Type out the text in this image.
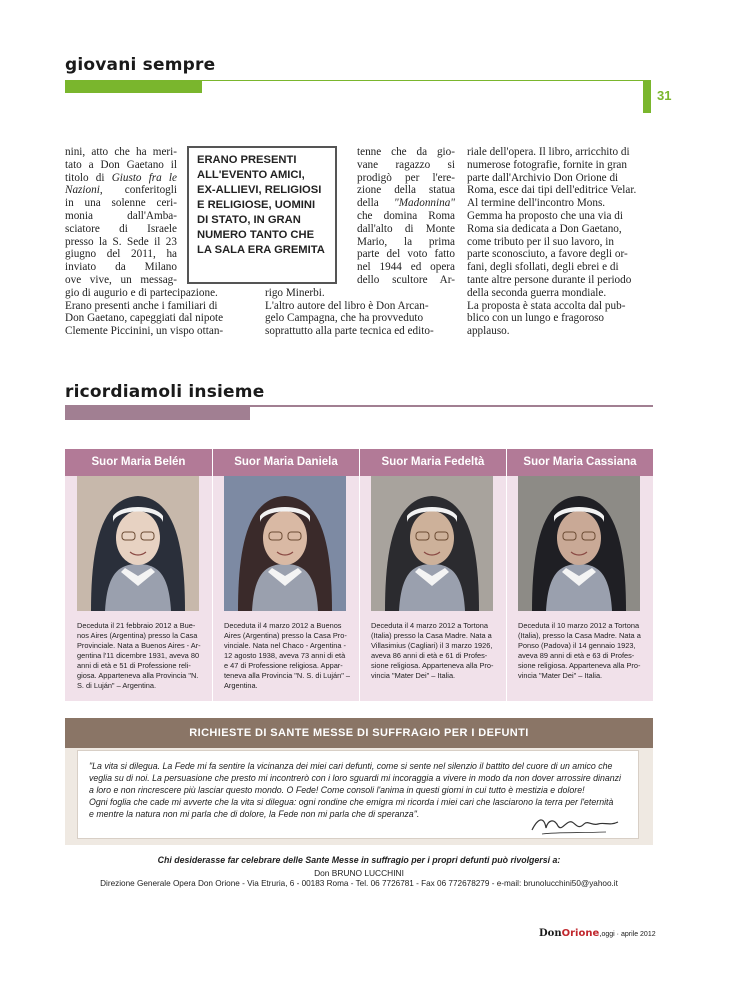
giovani sempre
31
nini, atto che ha meri-
tato a Don Gaetano il
titolo di Giusto fra le
Nazioni, conferitogli
in una solenne ceri-
monia dall'Amba-
sciatore di Israele
presso la S. Sede il 23
giugno del 2011, ha
inviato da Milano
ove vive, un messag-
gio di augurio e di partecipazione.
Erano presenti anche i familiari di
Don Gaetano, capeggiati dal nipote
Clemente Piccinini, un vispo ottan-
tenne che da gio-
vane ragazzo si
prodigò per l'ere-
zione della statua
della "Madonnina"
che domina Roma
dall'alto di Monte
Mario, la prima
parte del voto fatto
nel 1944 ed opera
dello scultore Ar-
rigo Minerbi.
L'altro autore del libro è Don Arcan-
gelo Campagna, che ha provveduto
soprattutto alla parte tecnica ed edito-
riale dell'opera. Il libro, arricchito di
numerose fotografie, fornite in gran
parte dall'Archivio Don Orione di
Roma, esce dai tipi dell'editrice Velar.
Al termine dell'incontro Mons.
Gemma ha proposto che una via di
Roma sia dedicata a Don Gaetano,
come tributo per il suo lavoro, in
parte sconosciuto, a favore degli or-
fani, degli sfollati, degli ebrei e di
tante altre persone durante il periodo
della seconda guerra mondiale.
La proposta è stata accolta dal pub-
blico con un lungo e fragoroso
applauso.
ERANO PRESENTI
ALL'EVENTO AMICI,
EX-ALLIEVI, RELIGIOSI
E RELIGIOSE, UOMINI
DI STATO, IN GRAN
NUMERO TANTO CHE
LA SALA ERA GREMITA
ricordiamoli insieme
Suor Maria Belén
Deceduta il 21 febbraio 2012 a Bue-
nos Aires (Argentina) presso la Casa
Provinciale. Nata a Buenos Aires - Ar-
gentina l'11 dicembre 1931, aveva 80
anni di età e 51 di Professione reli-
giosa. Apparteneva alla Provincia "N.
S. di Luján" – Argentina.
Suor Maria Daniela
Deceduta il 4 marzo 2012 a Buenos
Aires (Argentina) presso la Casa Pro-
vinciale. Nata nel Chaco - Argentina -
12 agosto 1938, aveva 73 anni di età
e 47 di Professione religiosa. Appar-
teneva alla Provincia "N. S. di Luján" –
Argentina.
Suor Maria Fedeltà
Deceduta il 4 marzo 2012 a Tortona
(Italia) presso la Casa Madre. Nata a
Villasimius (Cagliari) il 3 marzo 1926,
aveva 86 anni di età e 61 di Profes-
sione religiosa. Apparteneva alla Pro-
vincia "Mater Dei" – Italia.
Suor Maria Cassiana
Deceduta il 10 marzo 2012 a Tortona
(Italia), presso la Casa Madre. Nata a
Ponso (Padova) il 14 gennaio 1923,
aveva 89 anni di età e 63 di Profes-
sione religiosa. Apparteneva alla Pro-
vincia "Mater Dei" – Italia.
RICHIESTE DI SANTE MESSE DI SUFFRAGIO PER I DEFUNTI
"La vita si dilegua. La Fede mi fa sentire la vicinanza dei miei cari defunti, come si sente nel silenzio il battito del cuore di un amico che
veglia su di noi. La persuasione che presto mi incontrerò con i loro sguardi mi incoraggia a vivere in modo da non dover arrossire dinanzi
a loro e non rincrescere più lasciar questo mondo. O Fede! Come consoli l'anima in questi giorni in cui tutto è mestizia e dolore!
Ogni foglia che cade mi avverte che la vita si dilegua: ogni rondine che emigra mi ricorda i miei cari che lasciarono la terra per l'eternità
e mentre la natura non mi parla che di dolore, la Fede non mi parla che di speranza".
Chi desiderasse far celebrare delle Sante Messe in suffragio per i propri defunti può rivolgersi a:
Don BRUNO LUCCHINI
Direzione Generale Opera Don Orione - Via Etruria, 6 - 00183 Roma - Tel. 06 7726781 - Fax 06 772678279 - e-mail: brunolucchini50@yahoo.it
DonOrione,oggi · aprile 2012
